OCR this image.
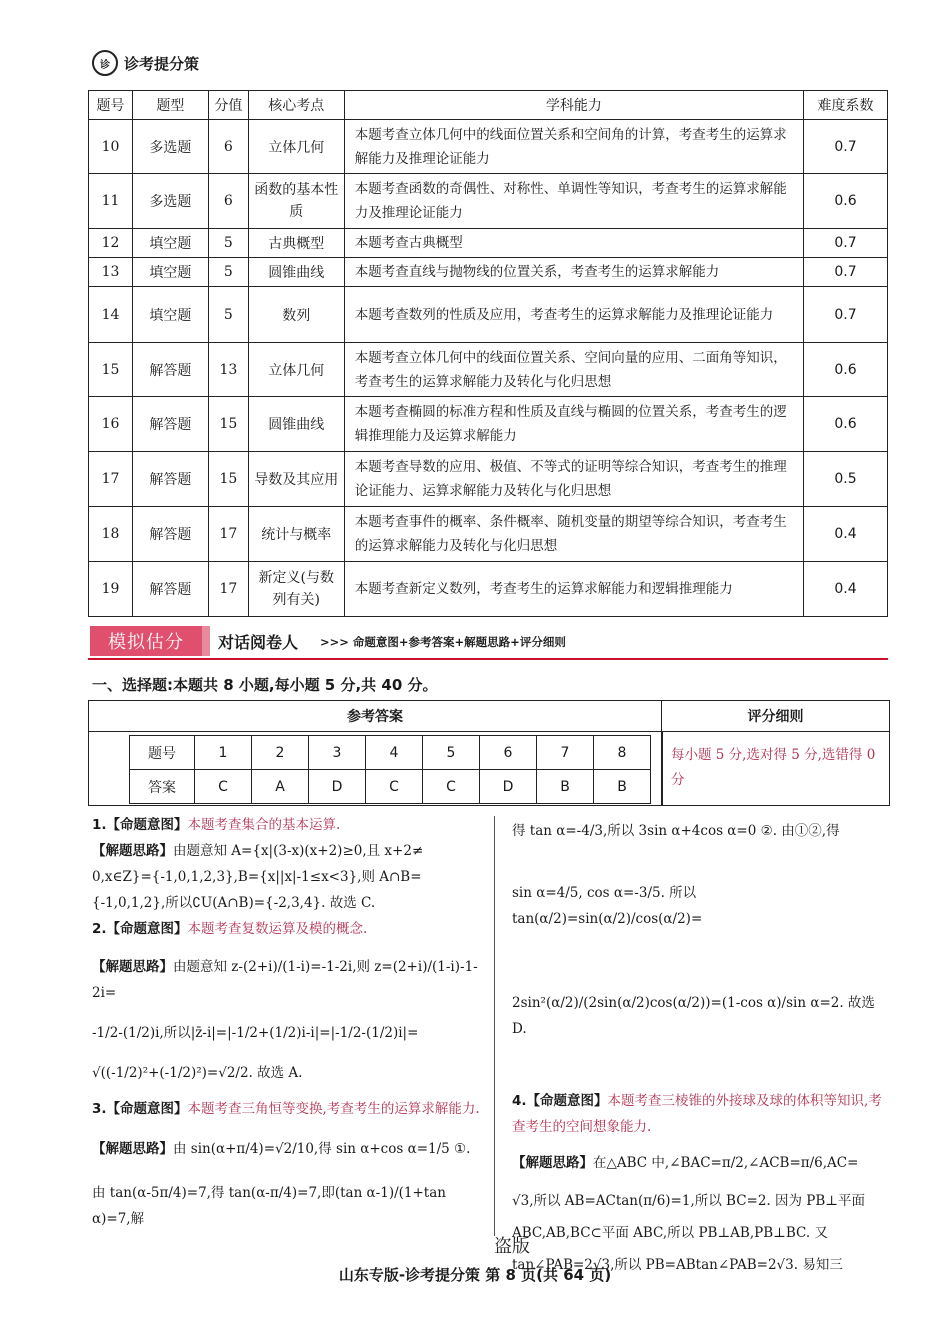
诊 诊考提分策
题号	题型	分值	核心考点	学科能力	难度系数
10	多选题	6	立体几何	本题考查立体几何中的线面位置关系和空间角的计算，考查考生的运算求解能力及推理论证能力	0.7
11	多选题	6	函数的基本性质	本题考查函数的奇偶性、对称性、单调性等知识，考查考生的运算求解能力及推理论证能力	0.6
12	填空题	5	古典概型	本题考查古典概型	0.7
13	填空题	5	圆锥曲线	本题考查直线与抛物线的位置关系，考查考生的运算求解能力	0.7
14	填空题	5	数列	本题考查数列的性质及应用，考查考生的运算求解能力及推理论证能力	0.7
15	解答题	13	立体几何	本题考查立体几何中的线面位置关系、空间向量的应用、二面角等知识，考查考生的运算求解能力及转化与化归思想	0.6
16	解答题	15	圆锥曲线	本题考查椭圆的标准方程和性质及直线与椭圆的位置关系，考查考生的逻辑推理能力及运算求解能力	0.6
17	解答题	15	导数及其应用	本题考查导数的应用、极值、不等式的证明等综合知识，考查考生的推理论证能力、运算求解能力及转化与化归思想	0.5
18	解答题	17	统计与概率	本题考查事件的概率、条件概率、随机变量的期望等综合知识，考查考生的运算求解能力及转化与化归思想	0.4
19	解答题	17	新定义(与数列有关)	本题考查新定义数列，考查考生的运算求解能力和逻辑推理能力	0.4
模拟估分	对话阅卷人 >>> 命题意图+参考答案+解题思路+评分细则
一、选择题:本题共 8 小题,每小题 5 分,共 40 分。
参考答案	评分细则
题号	1	2	3	4	5	6	7	8
答案	C	A	D	C	C	D	B	B
每小题 5 分,选对得 5 分,选错得 0 分

1.【命题意图】本题考查集合的基本运算.

【解题思路】由题意知 A={x|(3-x)(x+2)≥0,且 x+2≠

0,x∈Z}={-1,0,1,2,3},B={x||x|-1≤x<3},则 A∩B=

{-1,0,1,2},所以∁U(A∩B)={-2,3,4}. 故选 C.

2.【命题意图】本题考查复数运算及模的概念.

【解题思路】由题意知 z-(2+i)/(1-i)=-1-2i,则 z=(2+i)/(1-i)-1-2i=

-1/2-(1/2)i,所以|z̄-i|=|-1/2+(1/2)i-i|=|-1/2-(1/2)i|=

√((-1/2)²+(-1/2)²)=√2/2. 故选 A.

3.【命题意图】本题考查三角恒等变换,考查考生的运算求解能力.

【解题思路】由 sin(α+π/4)=√2/10,得 sin α+cos α=1/5 ①.

由 tan(α-5π/4)=7,得 tan(α-π/4)=7,即(tan α-1)/(1+tan α)=7,解

得 tan α=-4/3,所以 3sin α+4cos α=0 ②. 由①②,得

sin α=4/5, cos α=-3/5. 所以 tan(α/2)=sin(α/2)/cos(α/2)=

2sin²(α/2)/(2sin(α/2)cos(α/2))=(1-cos α)/sin α=2. 故选 D.

4.【命题意图】本题考查三棱锥的外接球及球的体积等知识,考查考生的空间想象能力.

【解题思路】在△ABC 中,∠BAC=π/2,∠ACB=π/6,AC=

√3,所以 AB=ACtan(π/6)=1,所以 BC=2. 因为 PB⊥平面

ABC,AB,BC⊂平面 ABC,所以 PB⊥AB,PB⊥BC. 又

tan∠PAB=2√3,所以 PB=ABtan∠PAB=2√3. 易知三

盗版
山东专版-诊考提分策 第 8 页(共 64 页)
